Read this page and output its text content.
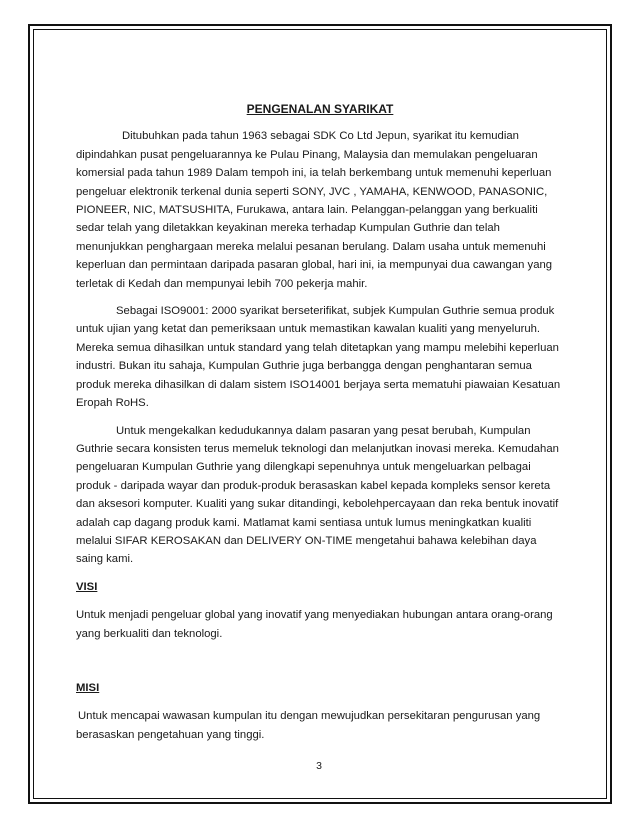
PENGENALAN SYARIKAT

Ditubuhkan pada tahun 1963 sebagai SDK Co Ltd Jepun, syarikat itu kemudian dipindahkan pusat pengeluarannya ke Pulau Pinang, Malaysia dan memulakan pengeluaran komersial pada tahun 1989 Dalam tempoh ini, ia telah berkembang untuk memenuhi keperluan pengeluar elektronik terkenal dunia seperti SONY, JVC , YAMAHA, KENWOOD, PANASONIC, PIONEER, NIC, MATSUSHITA, Furukawa, antara lain. Pelanggan-pelanggan yang berkualiti sedar telah yang diletakkan keyakinan mereka terhadap Kumpulan Guthrie dan telah menunjukkan penghargaan mereka melalui pesanan berulang. Dalam usaha untuk memenuhi keperluan dan permintaan daripada pasaran global, hari ini, ia mempunyai dua cawangan yang terletak di Kedah dan mempunyai lebih 700 pekerja mahir.

Sebagai ISO9001: 2000 syarikat berseterifikat, subjek Kumpulan Guthrie semua produk untuk ujian yang ketat dan pemeriksaan untuk memastikan kawalan kualiti yang menyeluruh. Mereka semua dihasilkan untuk standard yang telah ditetapkan yang mampu melebihi keperluan industri. Bukan itu sahaja, Kumpulan Guthrie juga berbangga dengan penghantaran semua produk mereka dihasilkan di dalam sistem ISO14001 berjaya serta mematuhi piawaian Kesatuan Eropah RoHS.

Untuk mengekalkan kedudukannya dalam pasaran yang pesat berubah, Kumpulan Guthrie secara konsisten terus memeluk teknologi dan melanjutkan inovasi mereka. Kemudahan pengeluaran Kumpulan Guthrie yang dilengkapi sepenuhnya untuk mengeluarkan pelbagai produk - daripada wayar dan produk-produk berasaskan kabel kepada kompleks sensor kereta dan aksesori komputer. Kualiti yang sukar ditandingi, kebolehpercayaan dan reka bentuk inovatif adalah cap dagang produk kami. Matlamat kami sentiasa untuk lumus meningkatkan kualiti melalui SIFAR KEROSAKAN dan DELIVERY ON-TIME mengetahui bahawa kelebihan daya saing kami.

VISI

Untuk menjadi pengeluar global yang inovatif yang menyediakan hubungan antara orang-orang yang berkualiti dan teknologi.

MISI

Untuk mencapai wawasan kumpulan itu dengan mewujudkan persekitaran pengurusan yang berasaskan pengetahuan yang tinggi.

3
